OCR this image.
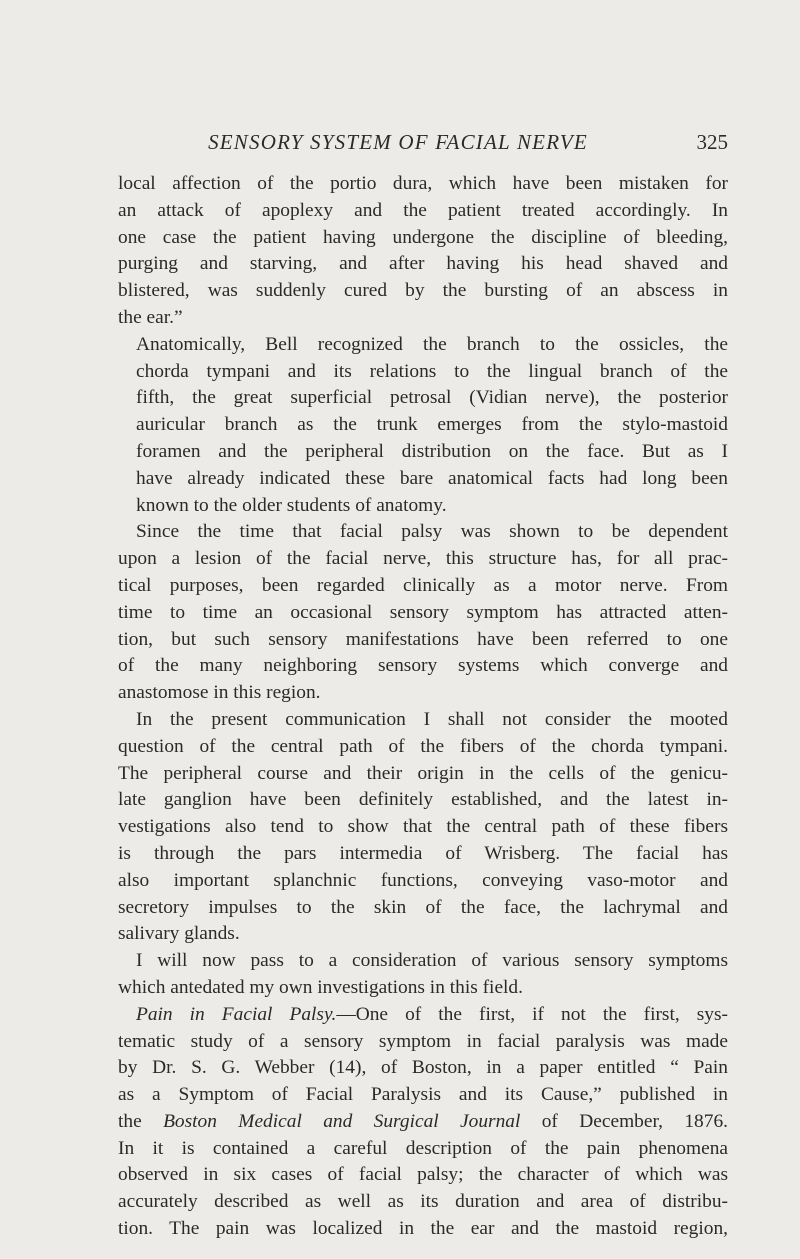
SENSORY SYSTEM OF FACIAL NERVE	325

local affection of the portio dura, which have been mistaken for
an attack of apoplexy and the patient treated accordingly. In
one case the patient having undergone the discipline of bleeding,
purging and starving, and after having his head shaved and
blistered, was suddenly cured by the bursting of an abscess in
the ear.”

Anatomically, Bell recognized the branch to the ossicles, the
chorda tympani and its relations to the lingual branch of the
fifth, the great superficial petrosal (Vidian nerve), the posterior
auricular branch as the trunk emerges from the stylo-mastoid
foramen and the peripheral distribution on the face. But as I
have already indicated these bare anatomical facts had long been
known to the older students of anatomy.

Since the time that facial palsy was shown to be dependent
upon a lesion of the facial nerve, this structure has, for all prac-
tical purposes, been regarded clinically as a motor nerve. From
time to time an occasional sensory symptom has attracted atten-
tion, but such sensory manifestations have been referred to one
of the many neighboring sensory systems which converge and
anastomose in this region.

In the present communication I shall not consider the mooted
question of the central path of the fibers of the chorda tympani.
The peripheral course and their origin in the cells of the genicu-
late ganglion have been definitely established, and the latest in-
vestigations also tend to show that the central path of these fibers
is through the pars intermedia of Wrisberg. The facial has
also important splanchnic functions, conveying vaso-motor and
secretory impulses to the skin of the face, the lachrymal and
salivary glands.

I will now pass to a consideration of various sensory symptoms
which antedated my own investigations in this field.

Pain in Facial Palsy.—One of the first, if not the first, sys-
tematic study of a sensory symptom in facial paralysis was made
by Dr. S. G. Webber (14), of Boston, in a paper entitled “ Pain
as a Symptom of Facial Paralysis and its Cause,” published in
the Boston Medical and Surgical Journal of December, 1876.
In it is contained a careful description of the pain phenomena
observed in six cases of facial palsy; the character of which was
accurately described as well as its duration and area of distribu-
tion. The pain was localized in the ear and the mastoid region,
